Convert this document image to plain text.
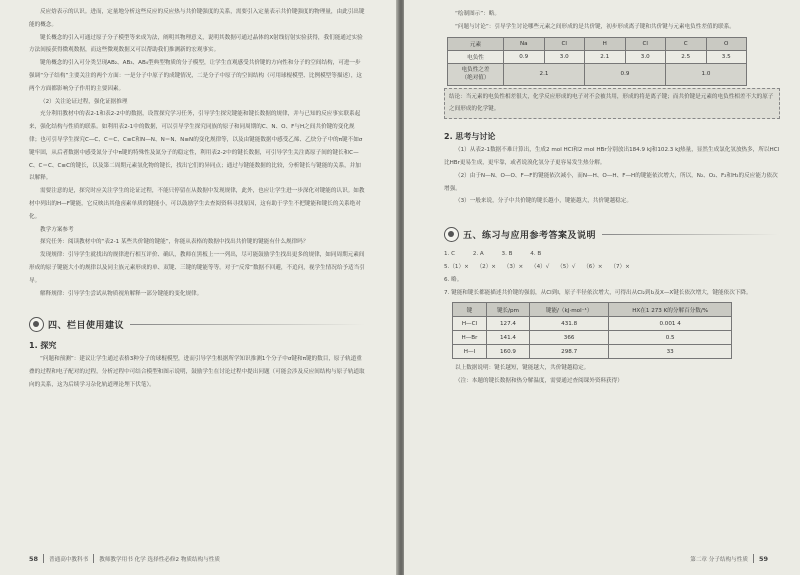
反应焓表示的认识。进而，定量地分析这些反应的反应热与共价键强度的关系，需要引入定量表示共价键强度的物理量，由此引出键能的概念。
键长概念的引入可通过原子分子模型等来成为法，阐明其物理意义，说明其数据可通过晶体的X射线衍射实验获得，我们能通过实验方法间接获得微观数据，而这些微观数据又可以帮助我们推测新的宏观事实。
键角概念的引入可分类呈现AB₂、AB₃、AB₄型典型物质的分子模型，让学生直观感受共价键的方向性和分子的空间结构，可进一步强调“分子结构”主要关注的两个方面：一是分子中原子的成键情况，二是分子中原子的空间结构（可用球棍模型、比例模型等描述），这两个方面都影响分子作用的主要因素。
（2）关注论证过程，强化证据推理
充分利用教材中的表2-1和表2-2中的数据，设置探究学习任务，引导学生探究键能和键长数据的规律，并与已知的反应事实联系起来，强化结构与性质的联系。如利用表2-1中的数据，可以引导学生探究同族的原子和同周期的C、N、O、F与H之间共价键的变化规律；也可引导学生探究C—C、C＝C、C≡C和N—N、N＝N、N≡N的变化规律等，以及由键能数据中感受乙烯、乙炔分子中的π键不如σ键牢固，从后者数据中感受氮分子中π键的特殊性及氮分子的稳定性，利用表2-2中的键长数据，可引导学生关注离原子间的键长和C—C、C＝C、C≡C的键长，以及第二周期元素氢化物的键长，找出它们的异同点；通过与键能数据的比较，分析键长与键能的关系，并加以解释。
需要注意的是，探究时应关注学生的论证过程，不能只停留在从数据中发现规律，此外，也应让学生进一步深化对键能的认识。如教材中列出的H—F键能，它反映出其他卤素单质的键能小，可以鼓励学生去查阅资料寻找原因，这有助于学生不把键能和键长的关系绝对化。
教学方案参考
探究任务：阅读教材中的“表2-1 某些共价键的键能”，你能从表格的数据中找出共价键的键能有什么规律吗？
发现规律：引导学生就找出的规律进行相互评价、确认，教师在黑板上一一列出，尽可能鼓励学生找出更多的规律，如同周期元素间形成的原子键能大小的规律以及同主族元素形成的单、双键、三键的键能等等。对于“反常”数据不回避，不追问，视学生情况给予适当引导。
解释规律：引导学生尝试从物质视角解释一部分键能的变化规律。
四、栏目使用建议
1. 探究
“问题和预测”：建议让学生通过表格3种分子的球棍模型，进而引导学生根据所学知识推测1个分子中σ键和π键的数目，原子轨道重叠的过程和电子配对的过程，分析过程中可结合模型和图示说明，鼓励学生在讨论过程中提出问题（可能会涉及反应间结构与原子轨道取向的关系，这为后续学习杂化轨道理论埋下伏笔）。
58 普通高中教科书 教师教学用书 化学 选择性必修2 物质结构与性质
“绘制图示”：略。
“问题与讨论”：引导学生讨论哪些元素之间形成的是共价键，初步形成离子键和共价键与元素电负性差值的联系。
元素	Na	Cl	H	Cl	C	O
电负性	0.9	3.0	2.1	3.0	2.5	3.5

电负性之差
（绝对值）	2.1		0.9		1.0	
结论：当元素的电负性相差很大，化学反应形成的电子对不会被共用，形成的将是离子键；而共价键是元素的电负性相差不大的原子之间形成的化学键。
2. 思考与讨论
（1）从表2-1数据不难计算出，生成2 mol HCl和2 mol HBr分别放出184.9 kJ和102.3 kJ热量，显然生成氯化氢放热多，所以HCl比HBr更易生成，更牢靠，或者说溴化氢分子更容易发生热分解。
（2）由于N—N、O—O、F—F的键能依次减小，而N—H、O—H、F—H的键能依次增大，所以，N₂、O₂、F₂和H₂的反应能力依次增强。
（3）一般来说，分子中共价键的键长越小，键能越大，共价键越稳定。
五、练习与应用参考答案及说明
1. C	2. A	3. B	4. B
5.（1）× （2）× （3）× （4）√ （5）√ （6）× （7）×
6. 略。
7. 键能和键长都能描述共价键的强弱，从Cl到I，原子半径依次增大，可得出从Cl₂到I₂及X—X键长依次增大，键能依次下降。
键	键长/pm	键能/（kJ·mol⁻¹）	HX在1 273 K的分解百分数/%
H—Cl	127.4	431.8	0.001 4
H—Br	141.4	366	0.5
H—I	160.9	298.7	33
以上数据说明：键长越短，键能越大，共价键越稳定。
（注：本题的键长数据和热分解温度，需要通过查阅课外资料获得）
第二章 分子结构与性质 59
